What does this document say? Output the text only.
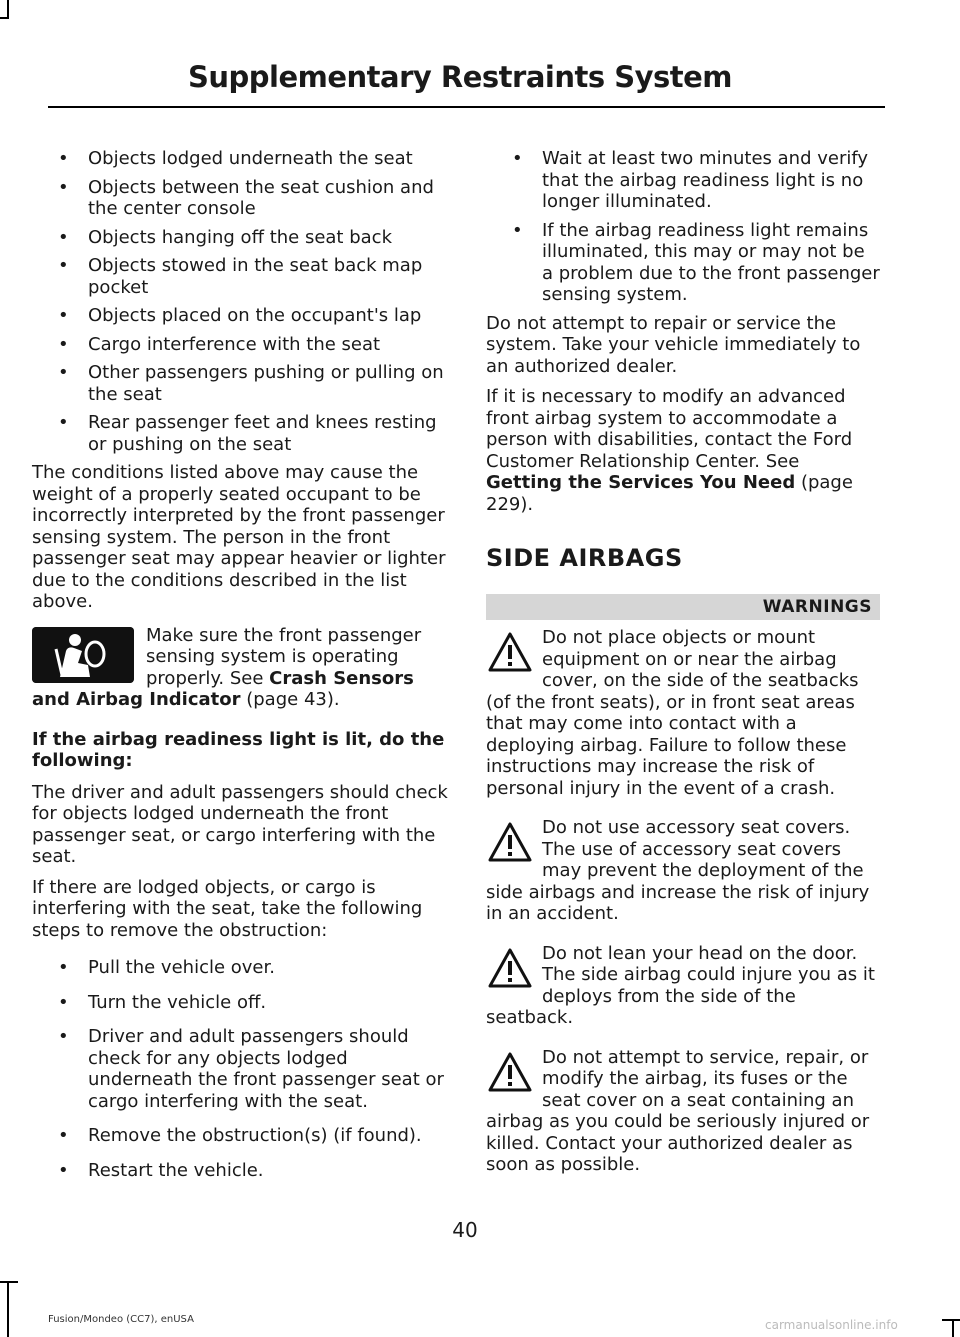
Supplementary Restraints System
• Objects lodged underneath the seat
• Objects between the seat cushion and the center console
• Objects hanging off the seat back
• Objects stowed in the seat back map pocket
• Objects placed on the occupant's lap
• Cargo interference with the seat
• Other passengers pushing or pulling on the seat
• Rear passenger feet and knees resting or pushing on the seat

The conditions listed above may cause the weight of a properly seated occupant to be incorrectly interpreted by the front passenger sensing system. The person in the front passenger seat may appear heavier or lighter due to the conditions described in the list above.

Make sure the front passenger sensing system is operating properly. See Crash Sensors and Airbag Indicator (page 43).

If the airbag readiness light is lit, do the following:

The driver and adult passengers should check for objects lodged underneath the front passenger seat, or cargo interfering with the seat.

If there are lodged objects, or cargo is interfering with the seat, take the following steps to remove the obstruction:

• Pull the vehicle over.
• Turn the vehicle off.
• Driver and adult passengers should check for any objects lodged underneath the front passenger seat or cargo interfering with the seat.
• Remove the obstruction(s) (if found).
• Restart the vehicle.
• Wait at least two minutes and verify that the airbag readiness light is no longer illuminated.
• If the airbag readiness light remains illuminated, this may or may not be a problem due to the front passenger sensing system.

Do not attempt to repair or service the system. Take your vehicle immediately to an authorized dealer.

If it is necessary to modify an advanced front airbag system to accommodate a person with disabilities, contact the Ford Customer Relationship Center. See Getting the Services You Need (page 229).

SIDE AIRBAGS
WARNINGS
Do not place objects or mount equipment on or near the airbag cover, on the side of the seatbacks (of the front seats), or in front seat areas that may come into contact with a deploying airbag. Failure to follow these instructions may increase the risk of personal injury in the event of a crash.
Do not use accessory seat covers. The use of accessory seat covers may prevent the deployment of the side airbags and increase the risk of injury in an accident.
Do not lean your head on the door. The side airbag could injure you as it deploys from the side of the seatback.
Do not attempt to service, repair, or modify the airbag, its fuses or the seat cover on a seat containing an airbag as you could be seriously injured or killed. Contact your authorized dealer as soon as possible.
40
Fusion/Mondeo (CC7), enUSA	carmanualsonline.info
